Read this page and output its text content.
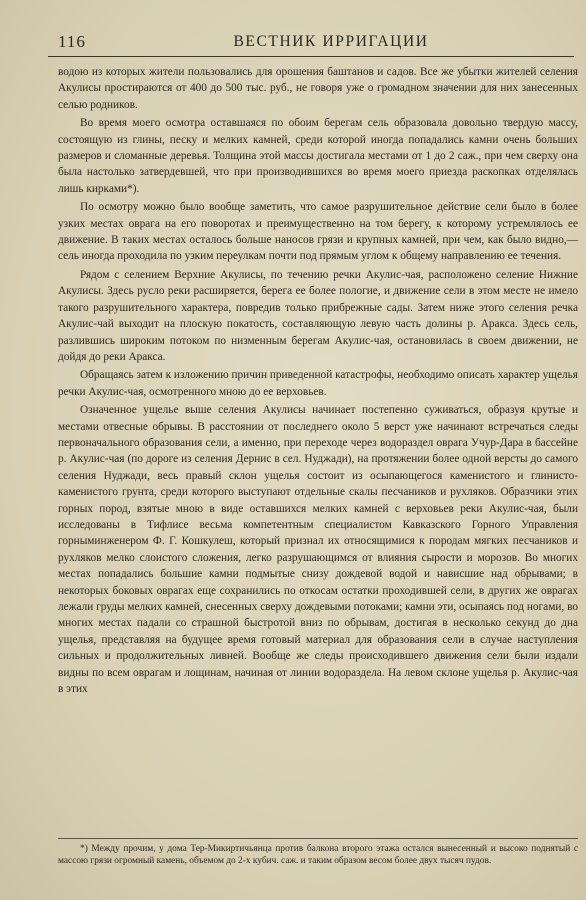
116	ВЕСТНИК ИРРИГАЦИИ

водою из которых жители пользовались для орошения баштанов и садов. Все же убытки жителей селения Акулисы простираются от 400 до 500 тыс. руб., не говоря уже о громадном значении для них занесенных селью родников.

Во время моего осмотра оставшаяся по обоим берегам сель образовала довольно твердую массу, состоящую из глины, песку и мелких камней, среди которой иногда попадались камни очень больших размеров и сломанные деревья. Толщина этой массы достигала местами от 1 до 2 саж., при чем сверху она была настолько затвердевшей, что при производившихся во время моего приезда раскопках отделялась лишь кирками*).

По осмотру можно было вообще заметить, что самое разрушительное действие сели было в более узких местах оврага на его поворотах и преимущественно на том берегу, к которому устремлялось ее движение. В таких местах осталось больше наносов грязи и крупных камней, при чем, как было видно,—сель иногда проходила по узким переулкам почти под прямым углом к общему направлению ее течения.

Рядом с селением Верхние Акулисы, по течению речки Акулис-чая, расположено селение Нижние Акулисы. Здесь русло реки расширяется, берега ее более пологие, и движение сели в этом месте не имело такого разрушительного характера, повредив только прибрежные сады. Затем ниже этого селения речка Акулис-чай выходит на плоскую покатость, составляющую левую часть долины р. Аракса. Здесь сель, разлившись широким потоком по низменным берегам Акулис-чая, остановилась в своем движении, не дойдя до реки Аракса.

Обращаясь затем к изложению причин приведенной катастрофы, необходимо описать характер ущелья речки Акулис-чая, осмотренного мною до ее верховьев.

Означенное ущелье выше селения Акулисы начинает постепенно суживаться, образуя крутые и местами отвесные обрывы. В расстоянии от последнего около 5 верст уже начинают встречаться следы первоначального образования сели, а именно, при переходе через водораздел оврага Учур-Дара в бассейне р. Акулис-чая (по дороге из селения Дернис в сел. Нуджади), на протяжении более одной версты до самого селения Нуджади, весь правый склон ущелья состоит из осыпающегося каменистого и глинисто-каменистого грунта, среди которого выступают отдельные скалы песчаников и рухляков. Образчики этих горных пород, взятые мною в виде оставшихся мелких камней с верховьев реки Акулис-чая, были исследованы в Тифлисе весьма компетентным специалистом Кавказского Горного Управления горныминженером Ф. Г. Кошкулеш, который признал их относящимися к породам мягких песчаников и рухляков мелко слоистого сложения, легко разрушающимся от влияния сырости и морозов. Во многих местах попадались большие камни подмытые снизу дождевой водой и нависшие над обрывами; в некоторых боковых оврагах еще сохранились по откосам остатки проходившей сели, в других же оврагах лежали груды мелких камней, снесенных сверху дождевыми потоками; камни эти, осыпаясь под ногами, во многих местах падали со страшной быстротой вниз по обрывам, достигая в несколько секунд до дна ущелья, представляя на будущее время готовый материал для образования сели в случае наступления сильных и продолжительных ливней. Вообще же следы происходившего движения сели были издали видны по всем оврагам и лощинам, начиная от линии водораздела. На левом склоне ущелья р. Акулис-чая в этих

*) Между прочим, у дома Тер-Микиртичьянца против балкона второго этажа остался вынесенный и высоко поднятый с массою грязи огромный камень, объемом до 2-х кубич. саж. и таким образом весом более двух тысяч пудов.
